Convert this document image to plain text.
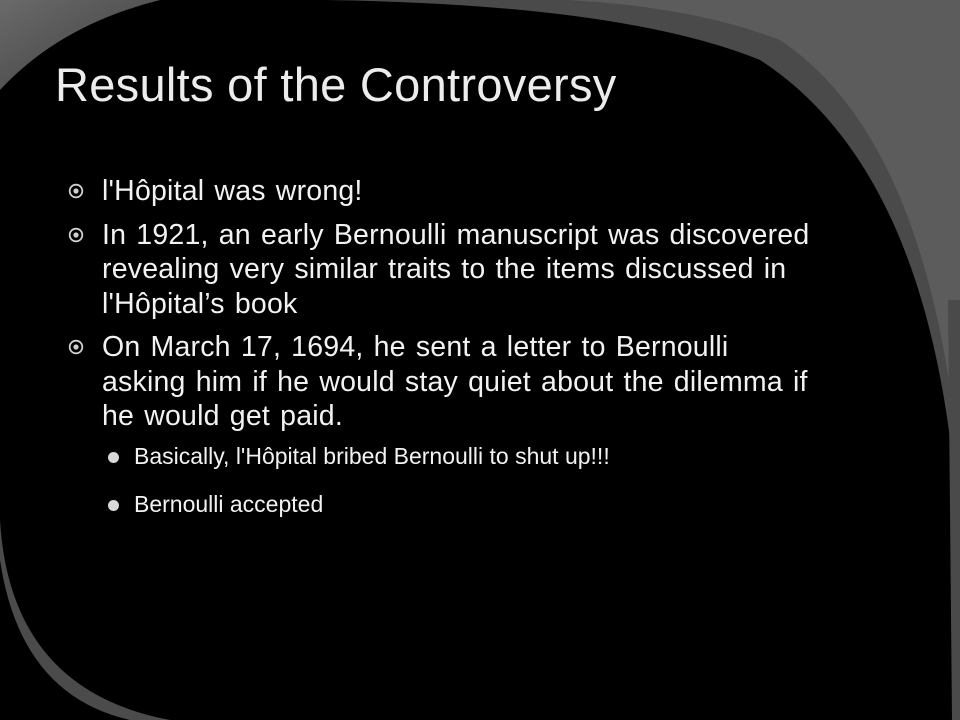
Results of the Controversy
l'Hôpital was wrong!
In 1921, an early Bernoulli manuscript was discovered revealing very similar traits to the items discussed in l'Hôpital’s book
On March 17, 1694, he sent a letter to Bernoulli asking him if he would stay quiet about the dilemma if he would get paid.
Basically, l'Hôpital bribed Bernoulli to shut up!!!
Bernoulli accepted
